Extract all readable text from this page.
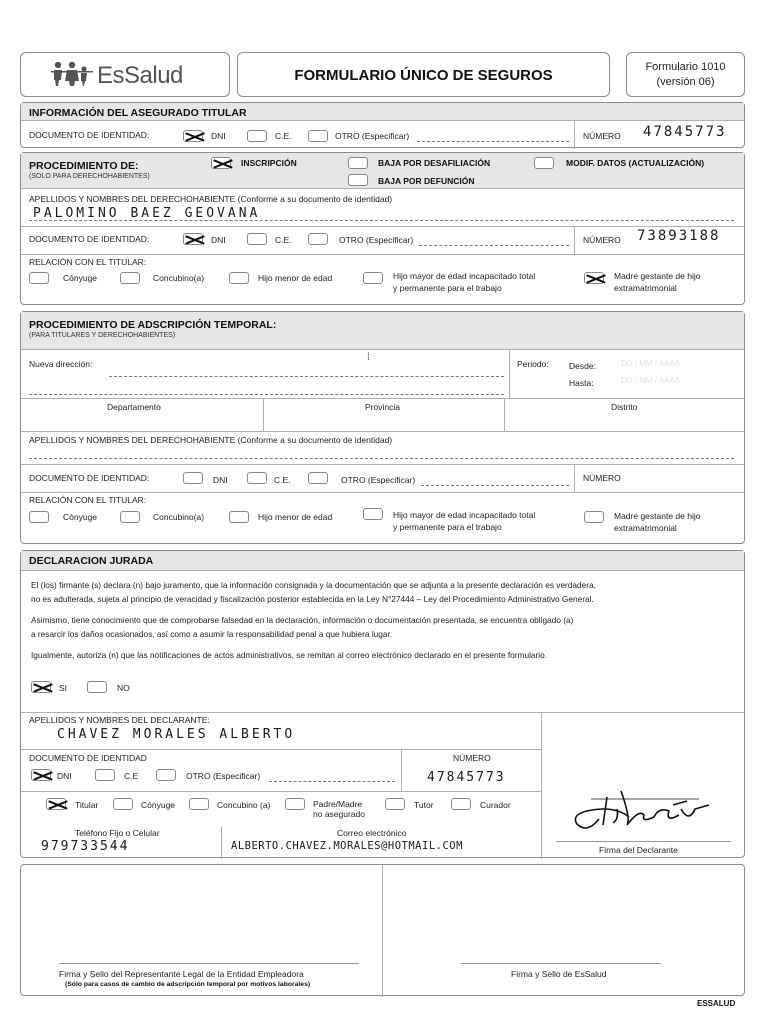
EsSalud	FORMULARIO ÚNICO DE SEGUROS	Formulario 1010
(versión 06)
INFORMACIÓN DEL ASEGURADO TITULAR
DOCUMENTO DE IDENTIDAD:	DNI	C.E.	OTRO (Especificar)	NÚMERO 47845773
PROCEDIMIENTO DE:
(SOLO PARA DERECHOHABIENTES)
INSCRIPCIÓN	BAJA POR DESAFILIACIÓN
BAJA POR DEFUNCIÓN
MODIF. DATOS (ACTUALIZACIÓN)
APELLIDOS Y NOMBRES DEL DERECHOHABIENTE (Conforme a su documento de identidad)
PALOMINO BAEZ GEOVANA
DOCUMENTO DE IDENTIDAD:	DNI	C.E.	OTRO (Especificar)	NÚMERO 73893188
RELACIÓN CON EL TITULAR:
Cónyuge	Concubino(a)	Hijo menor de edad	Hijo mayor de edad incapacitado total
y permanente para el trabajo
Madre gestante de hijo
extramatrimonial
PROCEDIMIENTO DE ADSCRIPCIÓN TEMPORAL:
(PARA TITULARES Y DERECHOHABIENTES)
Nueva dirección:
⁞
Periodo: Desde:	DD / MM / AAAA
Hasta:	DD / MM / AAAA
Departamento	Provincia	Distrito
APELLIDOS Y NOMBRES DEL DERECHOHABIENTE (Conforme a su documento de identidad)
DOCUMENTO DE IDENTIDAD:	DNI	C.E.	OTRO (Especificar)	NÚMERO
RELACIÓN CON EL TITULAR:
Cónyuge	Concubino(a)	Hijo menor de edad	Hijo mayor de edad incapacitado total
y permanente para el trabajo
Madre gestante de hijo
extramatrimonial
DECLARACION JURADA
El (los) firmante (s) declara (n) bajo juramento, que la información consignada y la documentación que se adjunta a la presente declaración es verdadera,
no es adulterada, sujeta al principio de veracidad y fiscalización posterior establecida en la Ley N°27444 – Ley del Procedimiento Administrativo General.
Asimismo, tiene conocimiento que de comprobarse falsedad en la declaración, información o documentación presentada, se encuentra obligado (a)
a resarcir los daños ocasionados, así como a asumir la responsabilidad penal a que hubiera lugar.
Igualmente, autoriza (n) que las notificaciones de actos administrativos, se remitan al correo electrónico declarado en el presente formulario.
SI	NO
APELLIDOS Y NOMBRES DEL DECLARANTE:
CHAVEZ MORALES ALBERTO
DOCUMENTO DE IDENTIDAD	NÚMERO
47845773
DNI	C.E	OTRO (Especificar)
Titular	Cónyuge	Concubino (a)	Padre/Madre
no asegurado
Tutor	Curador
Teléfono Fijo o Celular
979733544
Correo electrónico
ALBERTO.CHAVEZ.MORALES@HOTMAIL.COM	Firma del Declarante
Firma y Sello del Representante Legal de la Entidad Empleadora
(Sólo para casos de cambio de adscripción temporal por motivos laborales)
Firma y Sello de EsSalud
ESSALUD
